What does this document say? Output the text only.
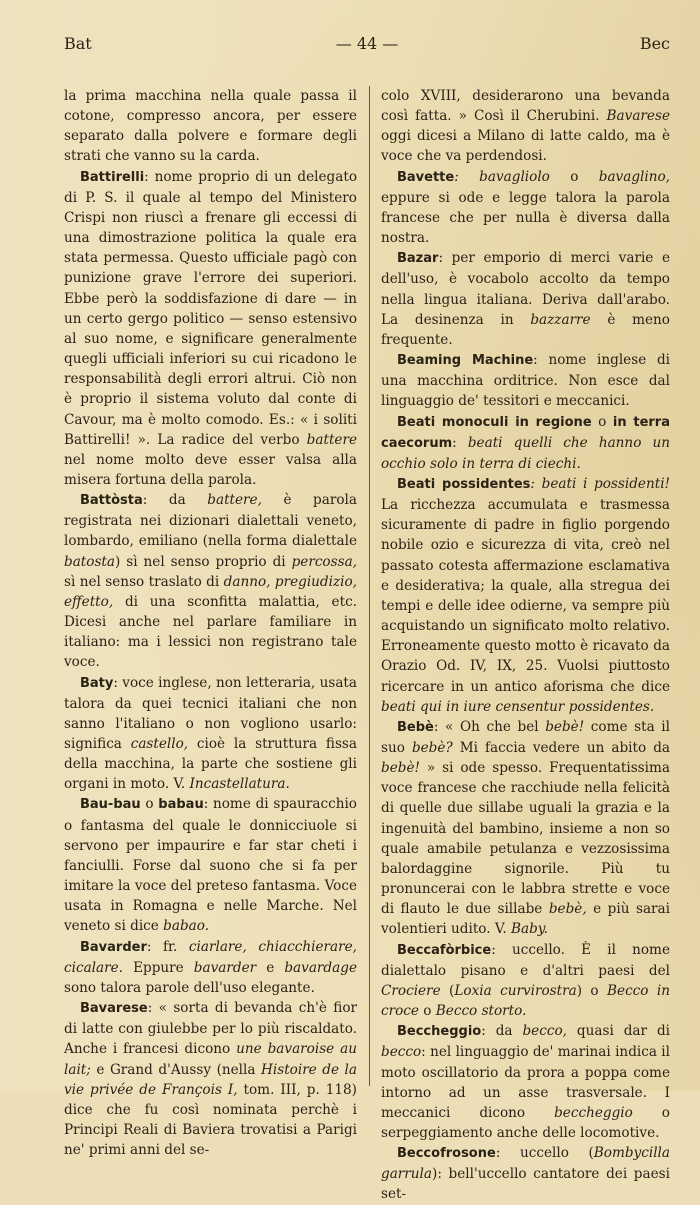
Bat	— 44 —	Bec

la prima macchina nella quale passa il cotone, compresso ancora, per essere separato dalla polvere e formare degli strati che vanno su la carda.

Battirelli: nome proprio di un delegato di P. S. il quale al tempo del Ministero Crispi non riuscì a frenare gli eccessi di una dimostrazione politica la quale era stata permessa. Questo ufficiale pagò con punizione grave l'errore dei superiori. Ebbe però la soddisfazione di dare — in un certo gergo politico — senso estensivo al suo nome, e significare generalmente quegli ufficiali inferiori su cui ricadono le responsabilità degli errori altrui. Ciò non è proprio il sistema voluto dal conte di Cavour, ma è molto comodo. Es.: « i soliti Battirelli! ». La radice del verbo battere nel nome molto deve esser valsa alla misera fortuna della parola.

Battòsta: da battere, è parola registrata nei dizionari dialettali veneto, lombardo, emiliano (nella forma dialettale batosta) sì nel senso proprio di percossa, sì nel senso traslato di danno, pregiudizio, effetto, di una sconfitta malattia, etc. Dicesi anche nel parlare familiare in italiano: ma i lessici non registrano tale voce.

Baty: voce inglese, non letteraria, usata talora da quei tecnici italiani che non sanno l'italiano o non vogliono usarlo: significa castello, cioè la struttura fissa della macchina, la parte che sostiene gli organi in moto. V. Incastellatura.

Bau-bau o babau: nome di spauracchio o fantasma del quale le donnicciuole si servono per impaurire e far star cheti i fanciulli. Forse dal suono che si fa per imitare la voce del preteso fantasma. Voce usata in Romagna e nelle Marche. Nel veneto si dice babao.

Bavarder: fr. ciarlare, chiacchierare, cicalare. Eppure bavarder e bavardage sono talora parole dell'uso elegante.

Bavarese: « sorta di bevanda ch'è fior di latte con giulebbe per lo più riscaldato. Anche i francesi dicono une bavaroise au lait; e Grand d'Aussy (nella Histoire de la vie privée de François I, tom. III, p. 118) dice che fu così nominata perchè i Principi Reali di Baviera trovatisi a Parigi ne' primi anni del se-

colo XVIII, desiderarono una bevanda così fatta. » Così il Cherubini. Bavarese oggi dicesi a Milano di latte caldo, ma è voce che va perdendosi.

Bavette: bavagliolo o bavaglino, eppure si ode e legge talora la parola francese che per nulla è diversa dalla nostra.

Bazar: per emporio di merci varie e dell'uso, è vocabolo accolto da tempo nella lingua italiana. Deriva dall'arabo. La desinenza in bazzarre è meno frequente.

Beaming Machine: nome inglese di una macchina orditrice. Non esce dal linguaggio de' tessitori e meccanici.

Beati monoculi in regione o in terra caecorum: beati quelli che hanno un occhio solo in terra di ciechi.

Beati possidentes: beati i possidenti! La ricchezza accumulata e trasmessa sicuramente di padre in figlio porgendo nobile ozio e sicurezza di vita, creò nel passato cotesta affermazione esclamativa e desiderativa; la quale, alla stregua dei tempi e delle idee odierne, va sempre più acquistando un significato molto relativo. Erroneamente questo motto è ricavato da Orazio Od. IV, IX, 25. Vuolsi piuttosto ricercare in un antico aforisma che dice beati qui in iure censentur possidentes.

Bebè: « Oh che bel bebè! come sta il suo bebè? Mi faccia vedere un abito da bebè! » si ode spesso. Frequentatissima voce francese che racchiude nella felicità di quelle due sillabe uguali la grazia e la ingenuità del bambino, insieme a non so quale amabile petulanza e vezzosissima balordaggine signorile. Più tu pronuncerai con le labbra strette e voce di flauto le due sillabe bebè, e più sarai volentieri udito. V. Baby.

Beccafòrbice: uccello. È il nome dialettalo pisano e d'altri paesi del Crociere (Loxia curvirostra) o Becco in croce o Becco storto.

Beccheggio: da becco, quasi dar di becco: nel linguaggio de' marinai indica il moto oscillatorio da prora a poppa come intorno ad un asse trasversale. I meccanici dicono beccheggio o serpeggiamento anche delle locomotive.

Beccofrosone: uccello (Bombycilla garrula): bell'uccello cantatore dei paesi set-
